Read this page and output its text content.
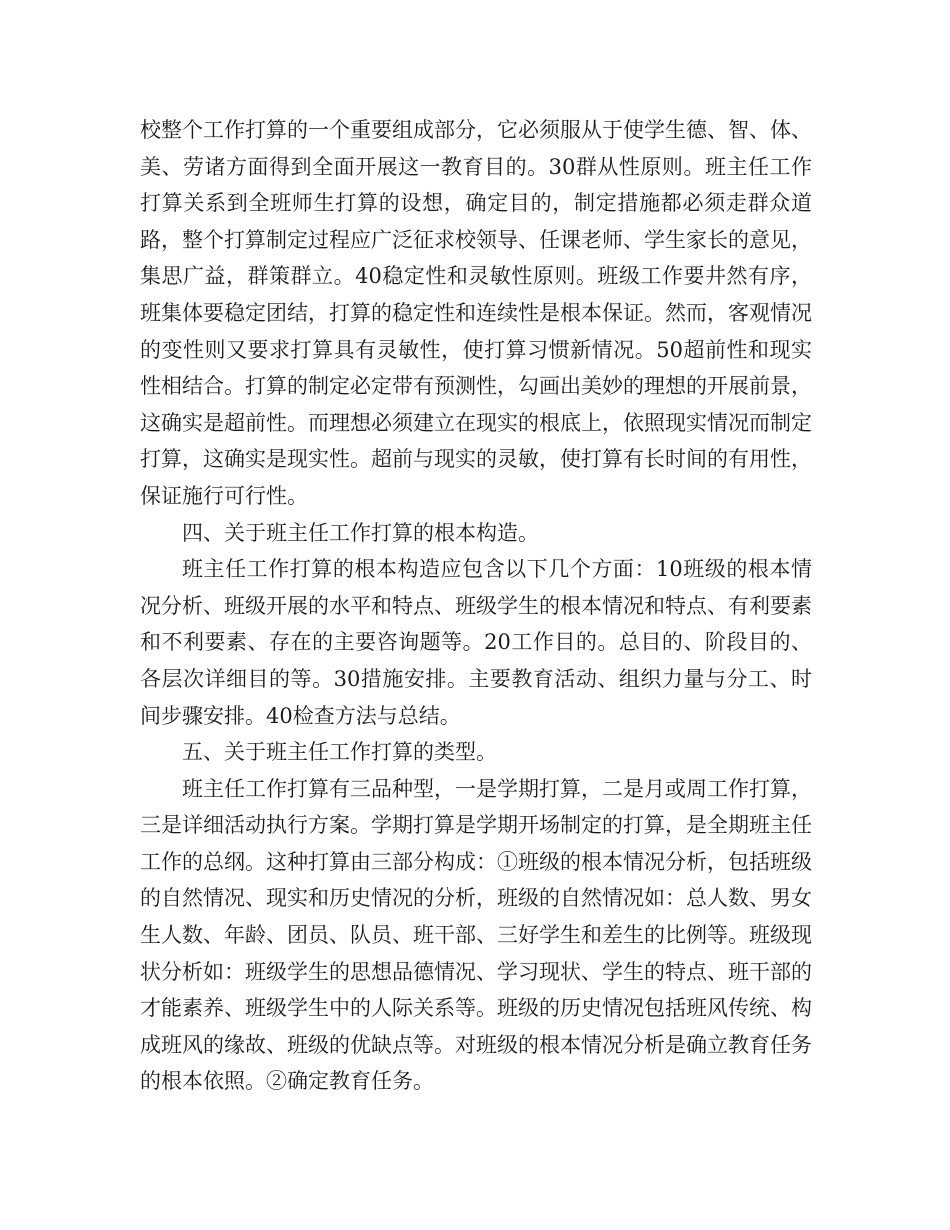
校整个工作打算的一个重要组成部分，它必须服从于使学生德、智、体、美、劳诸方面得到全面开展这一教育目的。30群从性原则。班主任工作打算关系到全班师生打算的设想，确定目的，制定措施都必须走群众道路，整个打算制定过程应广泛征求校领导、任课老师、学生家长的意见，集思广益，群策群立。40稳定性和灵敏性原则。班级工作要井然有序，班集体要稳定团结，打算的稳定性和连续性是根本保证。然而，客观情况的变性则又要求打算具有灵敏性，使打算习惯新情况。50超前性和现实性相结合。打算的制定必定带有预测性，勾画出美妙的理想的开展前景，这确实是超前性。而理想必须建立在现实的根底上，依照现实情况而制定打算，这确实是现实性。超前与现实的灵敏，使打算有长时间的有用性，保证施行可行性。

四、关于班主任工作打算的根本构造。

班主任工作打算的根本构造应包含以下几个方面：10班级的根本情况分析、班级开展的水平和特点、班级学生的根本情况和特点、有利要素和不利要素、存在的主要咨询题等。20工作目的。总目的、阶段目的、各层次详细目的等。30措施安排。主要教育活动、组织力量与分工、时间步骤安排。40检查方法与总结。

五、关于班主任工作打算的类型。

班主任工作打算有三品种型，一是学期打算，二是月或周工作打算，三是详细活动执行方案。学期打算是学期开场制定的打算，是全期班主任工作的总纲。这种打算由三部分构成：①班级的根本情况分析，包括班级的自然情况、现实和历史情况的分析，班级的自然情况如：总人数、男女生人数、年龄、团员、队员、班干部、三好学生和差生的比例等。班级现状分析如：班级学生的思想品德情况、学习现状、学生的特点、班干部的才能素养、班级学生中的人际关系等。班级的历史情况包括班风传统、构成班风的缘故、班级的优缺点等。对班级的根本情况分析是确立教育任务的根本依照。②确定教育任务。
